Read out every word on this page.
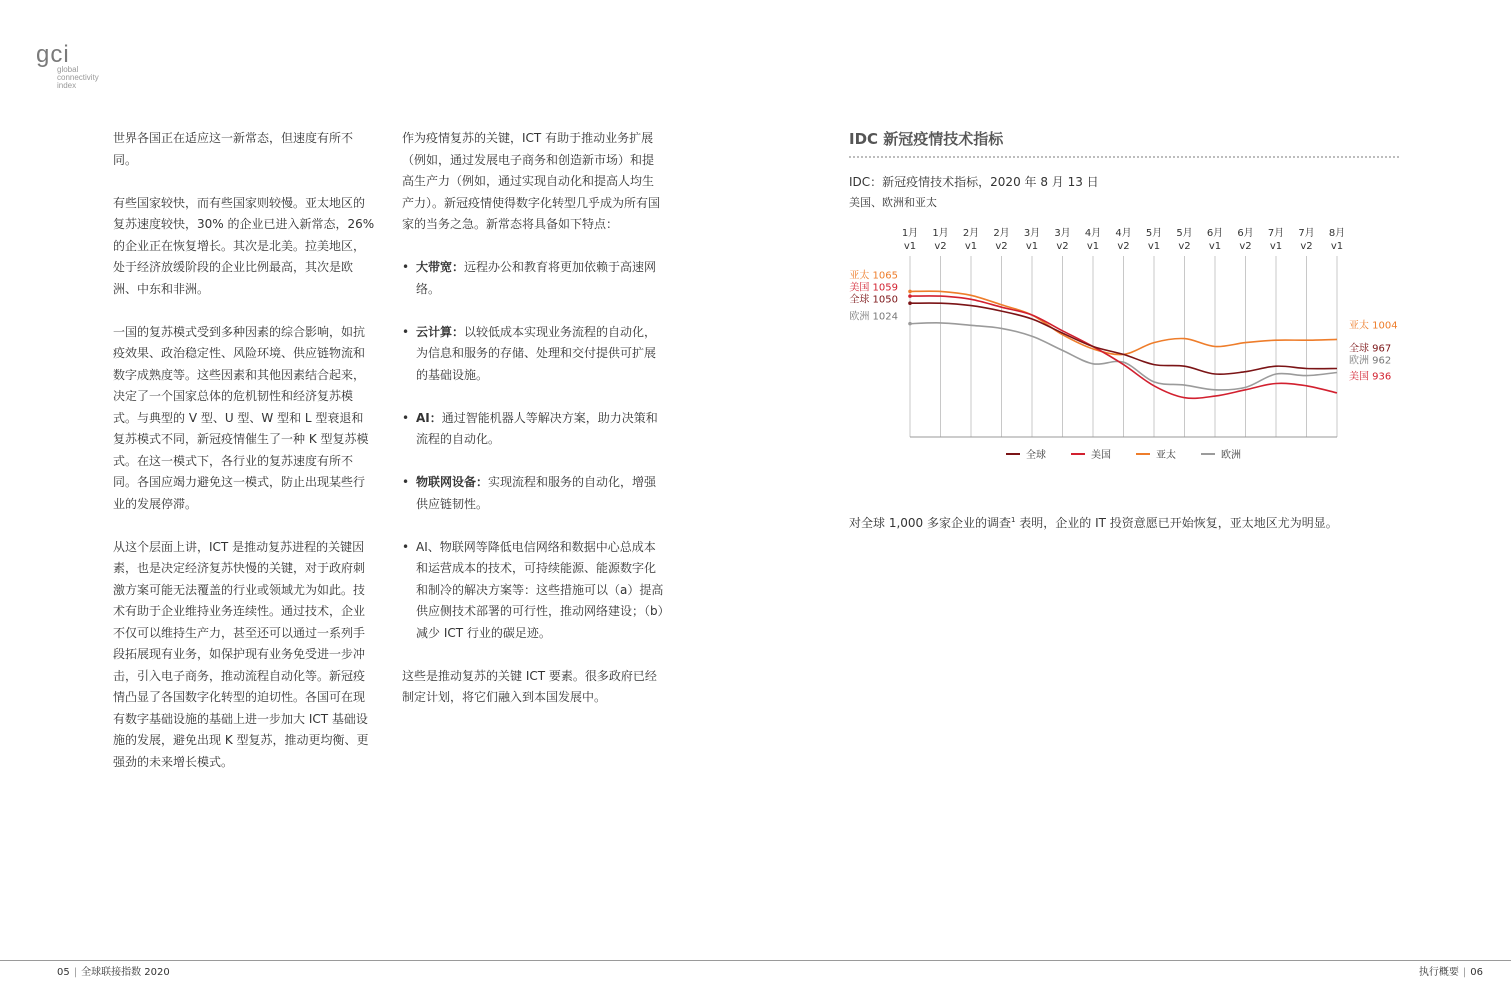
gci
global
connectivity
index

世界各国正在适应这一新常态，但速度有所不同。

有些国家较快，而有些国家则较慢。亚太地区的复苏速度较快，30% 的企业已进入新常态，26% 的企业正在恢复增长。其次是北美。拉美地区，处于经济放缓阶段的企业比例最高，其次是欧洲、中东和非洲。

一国的复苏模式受到多种因素的综合影响，如抗疫效果、政治稳定性、风险环境、供应链物流和数字成熟度等。这些因素和其他因素结合起来，决定了一个国家总体的危机韧性和经济复苏模式。与典型的 V 型、U 型、W 型和 L 型衰退和复苏模式不同，新冠疫情催生了一种 K 型复苏模式。在这一模式下，各行业的复苏速度有所不同。各国应竭力避免这一模式，防止出现某些行业的发展停滞。

从这个层面上讲，ICT 是推动复苏进程的关键因素，也是决定经济复苏快慢的关键，对于政府刺激方案可能无法覆盖的行业或领域尤为如此。技术有助于企业维持业务连续性。通过技术，企业不仅可以维持生产力，甚至还可以通过一系列手段拓展现有业务，如保护现有业务免受进一步冲击，引入电子商务，推动流程自动化等。新冠疫情凸显了各国数字化转型的迫切性。各国可在现有数字基础设施的基础上进一步加大 ICT 基础设施的发展，避免出现 K 型复苏，推动更均衡、更强劲的未来增长模式。

作为疫情复苏的关键，ICT 有助于推动业务扩展（例如，通过发展电子商务和创造新市场）和提高生产力（例如，通过实现自动化和提高人均生产力）。新冠疫情使得数字化转型几乎成为所有国家的当务之急。新常态将具备如下特点：

• 大带宽：远程办公和教育将更加依赖于高速网络。
• 云计算：以较低成本实现业务流程的自动化，为信息和服务的存储、处理和交付提供可扩展的基础设施。
• AI：通过智能机器人等解决方案，助力决策和流程的自动化。
• 物联网设备：实现流程和服务的自动化，增强供应链韧性。
• AI、物联网等降低电信网络和数据中心总成本和运营成本的技术，可持续能源、能源数字化和制冷的解决方案等：这些措施可以（a）提高供应侧技术部署的可行性，推动网络建设；（b）减少 ICT 行业的碳足迹。

这些是推动复苏的关键 ICT 要素。很多政府已经制定计划，将它们融入到本国发展中。

IDC 新冠疫情技术指标
IDC：新冠疫情技术指标，2020 年 8 月 13 日
美国、欧洲和亚太
1月
v1
1月
v2
2月
v1
2月
v2
3月
v1
3月
v2
4月
v1
4月
v2
5月
v1
5月
v2
6月
v1
6月
v2
7月
v1
7月
v2
8月
v1
亚太 1065
美国 1059
全球 1050
欧洲 1024
全球 967
美国 936
亚太 1004
欧洲 962
全球	美国	亚太	欧洲
对全球 1,000 多家企业的调查$^1$ 表明，企业的 IT 投资意愿已开始恢复，亚太地区尤为明显。
05 | 全球联接指数 2020	执行概要 | 06
